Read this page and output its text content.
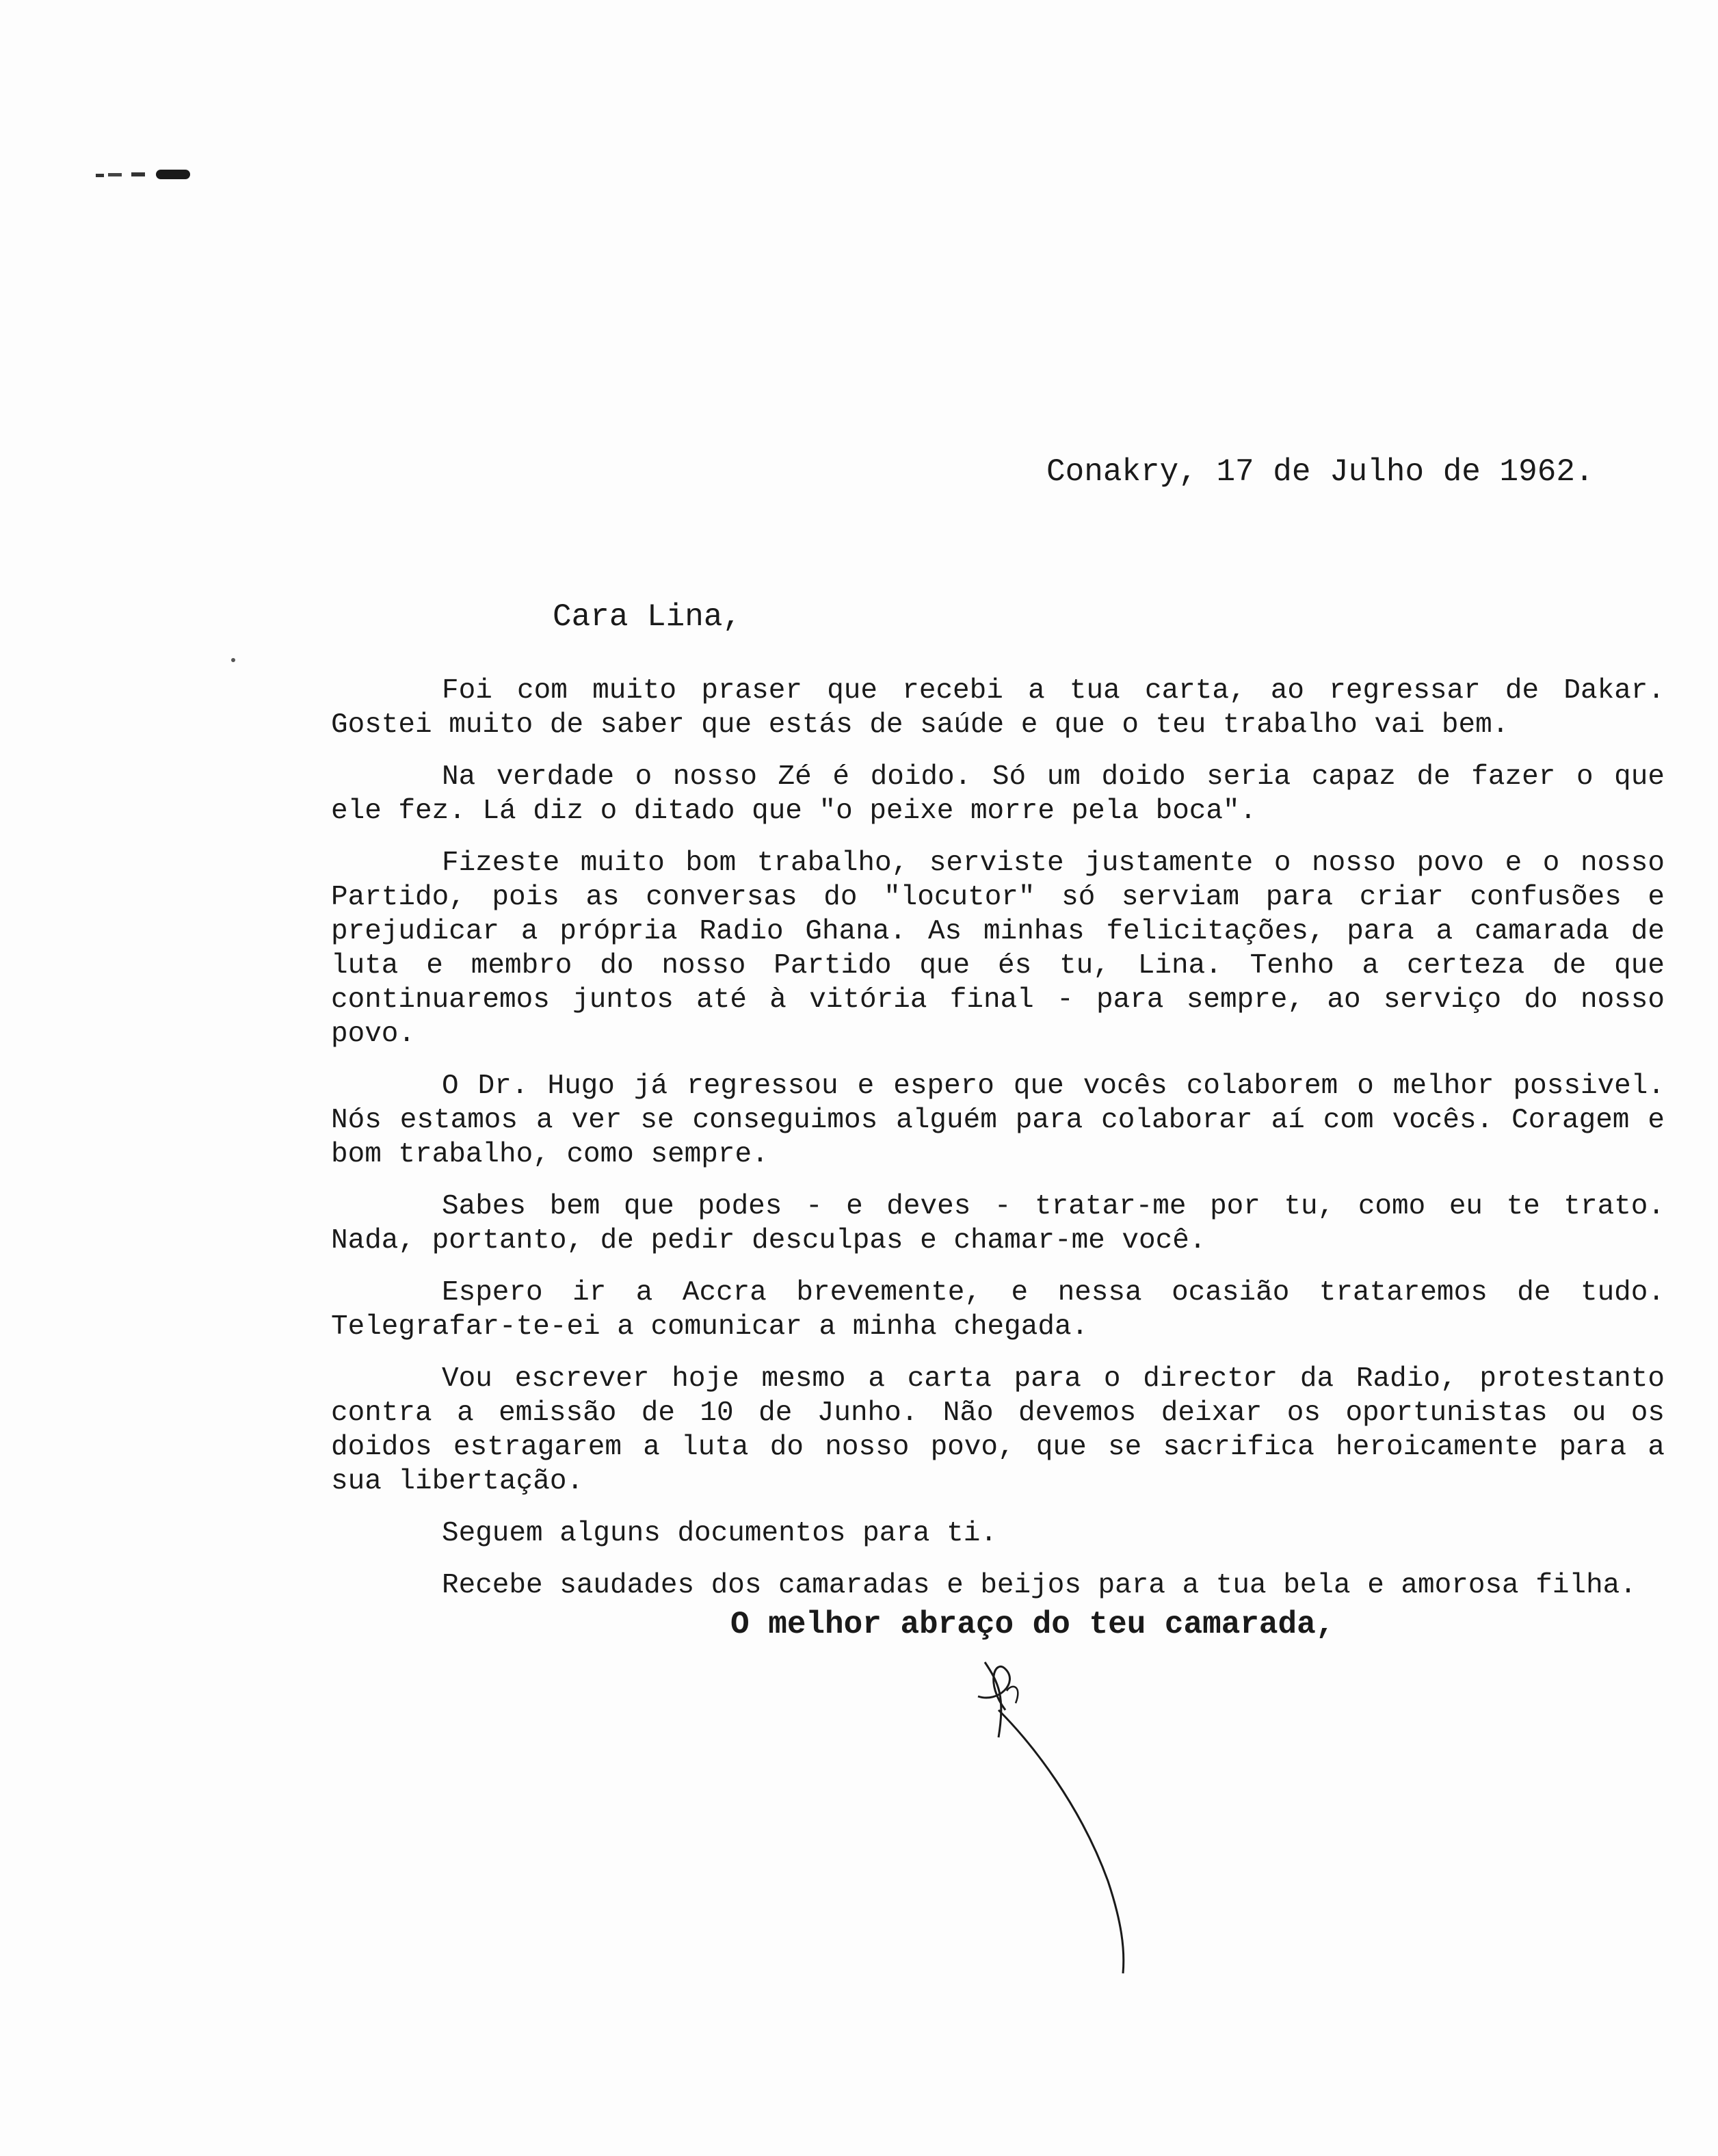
Conakry, 17 de Julho de 1962.
Cara Lina,

Foi com muito praser que recebi a tua carta, ao regressar de Dakar. Gostei muito de saber que estás de saúde e que o teu trabalho vai bem.

Na verdade o nosso Zé é doido. Só um doido seria capaz de fazer o que ele fez. Lá diz o ditado que "o peixe morre pela boca".

Fizeste muito bom trabalho, serviste justamente o nosso povo e o nosso Partido, pois as conversas do "locutor" só serviam para criar confusões e prejudicar a própria Radio Ghana. As minhas felicitações, para a camarada de luta e membro do nosso Partido que és tu, Lina. Tenho a certeza de que continuaremos juntos até à vitória final - para sempre, ao serviço do nosso povo.

O Dr. Hugo já regressou e espero que vocês colaborem o melhor possivel. Nós estamos a ver se conseguimos alguém para colaborar aí com vocês. Coragem e bom trabalho, como sempre.

Sabes bem que podes - e deves - tratar-me por tu, como eu te trato. Nada, portanto, de pedir desculpas e chamar-me você.

Espero ir a Accra brevemente, e nessa ocasião trataremos de tudo. Telegrafar-te-ei a comunicar a minha chegada.

Vou escrever hoje mesmo a carta para o director da Radio, protestanto contra a emissão de 10 de Junho. Não devemos deixar os oportunistas ou os doidos estragarem a luta do nosso povo, que se sacrifica heroicamente para a sua libertação.

Seguem alguns documentos para ti.

Recebe saudades dos camaradas e beijos para a tua bela e amorosa filha.

O melhor abraço do teu camarada,
